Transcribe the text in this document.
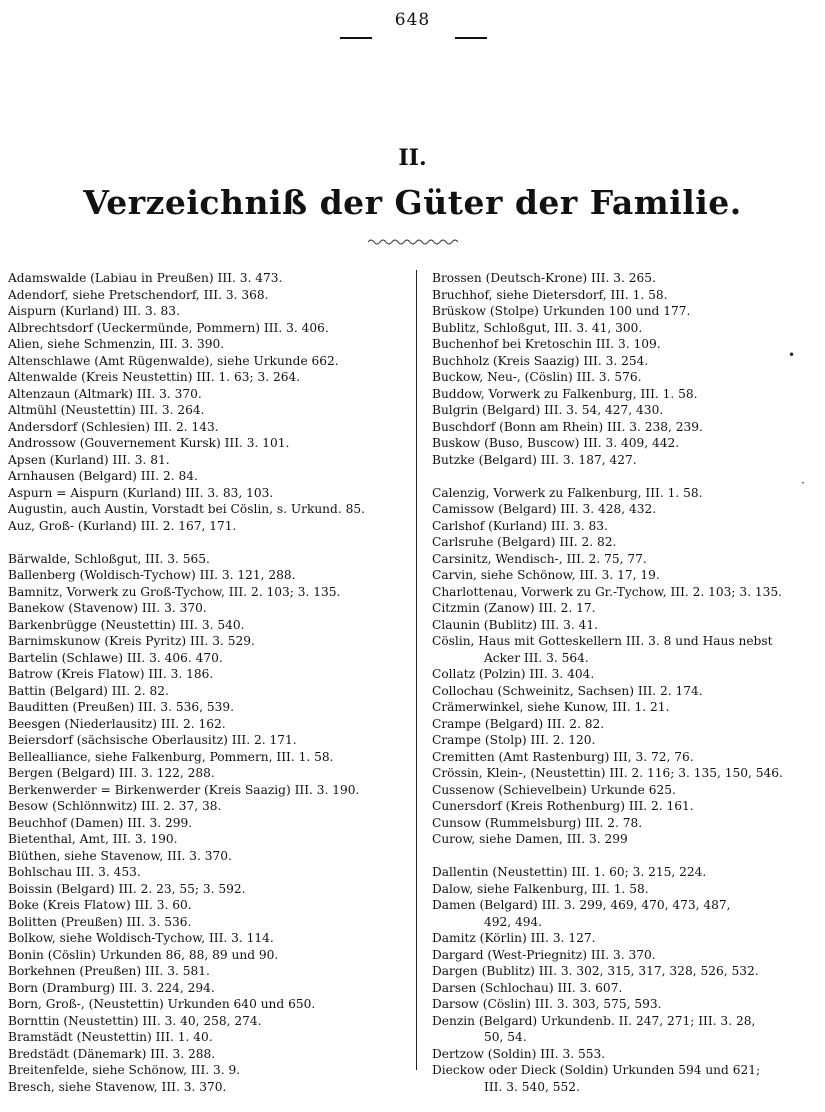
648
II.
Verzeichniß der Güter der Familie.
Adamswalde (Labiau in Preußen) III. 3. 473.
Adendorf, siehe Pretschendorf, III. 3. 368.
Aispurn (Kurland) III. 3. 83.
Albrechtsdorf (Ueckermünde, Pommern) III. 3. 406.
Alien, siehe Schmenzin, III. 3. 390.
Altenschlawe (Amt Rügenwalde), siehe Urkunde 662.
Altenwalde (Kreis Neustettin) III. 1. 63; 3. 264.
Altenzaun (Altmark) III. 3. 370.
Altmühl (Neustettin) III. 3. 264.
Andersdorf (Schlesien) III. 2. 143.
Androssow (Gouvernement Kursk) III. 3. 101.
Apsen (Kurland) III. 3. 81.
Arnhausen (Belgard) III. 2. 84.
Aspurn = Aispurn (Kurland) III. 3. 83, 103.
Augustin, auch Austin, Vorstadt bei Cöslin, s. Urkund. 85.
Auz, Groß- (Kurland) III. 2. 167, 171.
Bärwalde, Schloßgut, III. 3. 565.
Ballenberg (Woldisch-Tychow) III. 3. 121, 288.
Bamnitz, Vorwerk zu Groß-Tychow, III. 2. 103; 3. 135.
Banekow (Stavenow) III. 3. 370.
Barkenbrügge (Neustettin) III. 3. 540.
Barnimskunow (Kreis Pyritz) III. 3. 529.
Bartelin (Schlawe) III. 3. 406. 470.
Batrow (Kreis Flatow) III. 3. 186.
Battin (Belgard) III. 2. 82.
Bauditten (Preußen) III. 3. 536, 539.
Beesgen (Niederlausitz) III. 2. 162.
Beiersdorf (sächsische Oberlausitz) III. 2. 171.
Bellealliance, siehe Falkenburg, Pommern, III. 1. 58.
Bergen (Belgard) III. 3. 122, 288.
Berkenwerder = Birkenwerder (Kreis Saazig) III. 3. 190.
Besow (Schlönnwitz) III. 2. 37, 38.
Beuchhof (Damen) III. 3. 299.
Bietenthal, Amt, III. 3. 190.
Blüthen, siehe Stavenow, III. 3. 370.
Bohlschau III. 3. 453.
Boissin (Belgard) III. 2. 23, 55; 3. 592.
Boke (Kreis Flatow) III. 3. 60.
Bolitten (Preußen) III. 3. 536.
Bolkow, siehe Woldisch-Tychow, III. 3. 114.
Bonin (Cöslin) Urkunden 86, 88, 89 und 90.
Borkehnen (Preußen) III. 3. 581.
Born (Dramburg) III. 3. 224, 294.
Born, Groß-, (Neustettin) Urkunden 640 und 650.
Bornttin (Neustettin) III. 3. 40, 258, 274.
Bramstädt (Neustettin) III. 1. 40.
Bredstädt (Dänemark) III. 3. 288.
Breitenfelde, siehe Schönow, III. 3. 9.
Bresch, siehe Stavenow, III. 3. 370.
Brossen (Deutsch-Krone) III. 3. 265.
Bruchhof, siehe Dietersdorf, III. 1. 58.
Brüskow (Stolpe) Urkunden 100 und 177.
Bublitz, Schloßgut, III. 3. 41, 300.
Buchenhof bei Kretoschin III. 3. 109.
Buchholz (Kreis Saazig) III. 3. 254.
Buckow, Neu-, (Cöslin) III. 3. 576.
Buddow, Vorwerk zu Falkenburg, III. 1. 58.
Bulgrin (Belgard) III. 3. 54, 427, 430.
Buschdorf (Bonn am Rhein) III. 3. 238, 239.
Buskow (Buso, Buscow) III. 3. 409, 442.
Butzke (Belgard) III. 3. 187, 427.
Calenzig, Vorwerk zu Falkenburg, III. 1. 58.
Camissow (Belgard) III. 3. 428, 432.
Carlshof (Kurland) III. 3. 83.
Carlsruhe (Belgard) III. 2. 82.
Carsinitz, Wendisch-, III. 2. 75, 77.
Carvin, siehe Schönow, III. 3. 17, 19.
Charlottenau, Vorwerk zu Gr.-Tychow, III. 2. 103; 3. 135.
Citzmin (Zanow) III. 2. 17.
Claunin (Bublitz) III. 3. 41.
Cöslin, Haus mit Gotteskellern III. 3. 8 und Haus nebst
Acker III. 3. 564.
Collatz (Polzin) III. 3. 404.
Collochau (Schweinitz, Sachsen) III. 2. 174.
Crämerwinkel, siehe Kunow, III. 1. 21.
Crampe (Belgard) III. 2. 82.
Crampe (Stolp) III. 2. 120.
Cremitten (Amt Rastenburg) III, 3. 72, 76.
Crössin, Klein-, (Neustettin) III. 2. 116; 3. 135, 150, 546.
Cussenow (Schievelbein) Urkunde 625.
Cunersdorf (Kreis Rothenburg) III. 2. 161.
Cunsow (Rummelsburg) III. 2. 78.
Curow, siehe Damen, III. 3. 299
Dallentin (Neustettin) III. 1. 60; 3. 215, 224.
Dalow, siehe Falkenburg, III. 1. 58.
Damen (Belgard) III. 3. 299, 469, 470, 473, 487,
492, 494.
Damitz (Körlin) III. 3. 127.
Dargard (West-Priegnitz) III. 3. 370.
Dargen (Bublitz) III. 3. 302, 315, 317, 328, 526, 532.
Darsen (Schlochau) III. 3. 607.
Darsow (Cöslin) III. 3. 303, 575, 593.
Denzin (Belgard) Urkundenb. II. 247, 271; III. 3. 28,
50, 54.
Dertzow (Soldin) III. 3. 553.
Dieckow oder Dieck (Soldin) Urkunden 594 und 621;
III. 3. 540, 552.
•
·
